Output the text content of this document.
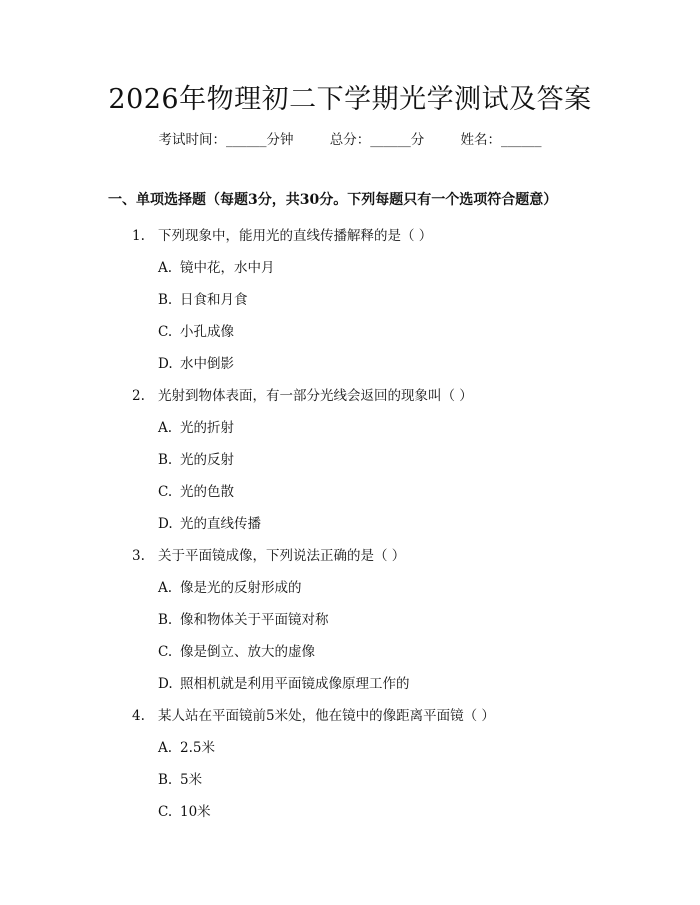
2026年物理初二下学期光学测试及答案
考试时间：______分钟	总分：______分	姓名：______
一、单项选择题（每题3分，共30分。下列每题只有一个选项符合题意）
1. 下列现象中，能用光的直线传播解释的是（ ）
A. 镜中花，水中月
B. 日食和月食
C. 小孔成像
D. 水中倒影
2. 光射到物体表面，有一部分光线会返回的现象叫（ ）
A. 光的折射
B. 光的反射
C. 光的色散
D. 光的直线传播
3. 关于平面镜成像，下列说法正确的是（ ）
A. 像是光的反射形成的
B. 像和物体关于平面镜对称
C. 像是倒立、放大的虚像
D. 照相机就是利用平面镜成像原理工作的
4. 某人站在平面镜前5米处，他在镜中的像距离平面镜（ ）
A. 2.5米
B. 5米
C. 10米
